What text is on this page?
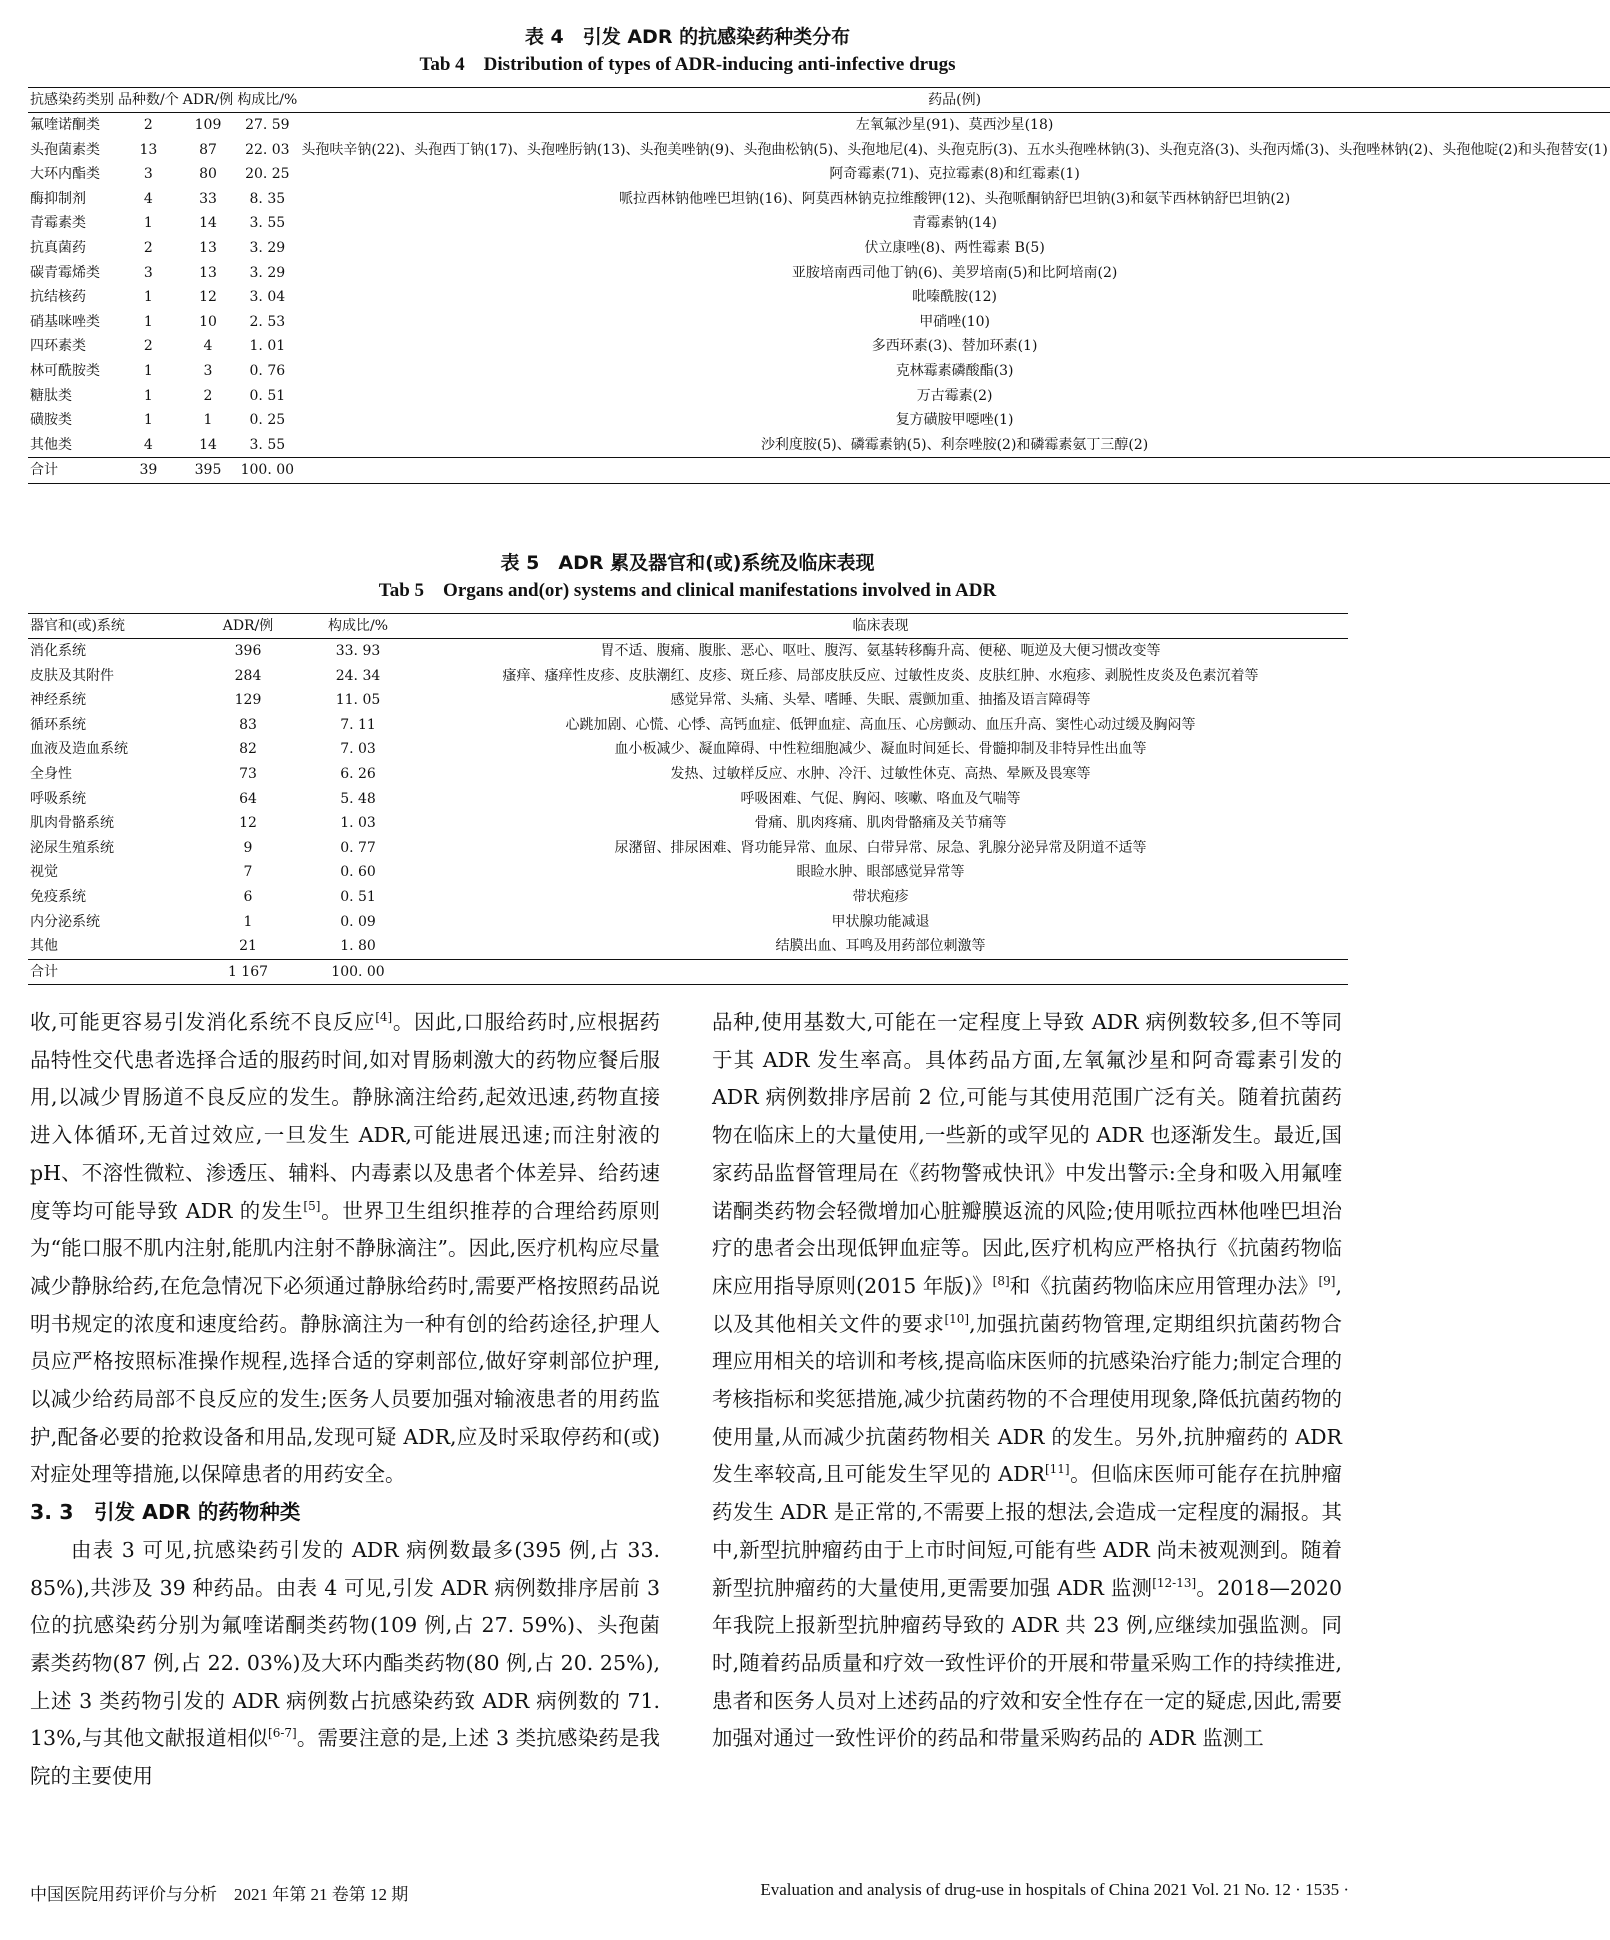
表 4　引发 ADR 的抗感染药种类分布
Tab 4　Distribution of types of ADR-inducing anti-infective drugs
抗感染药类别	品种数/个	ADR/例	构成比/%	药品(例)
氟喹诺酮类	2	109	27. 59	左氧氟沙星(91)、莫西沙星(18)
头孢菌素类	13	87	22. 03	头孢呋辛钠(22)、头孢西丁钠(17)、头孢唑肟钠(13)、头孢美唑钠(9)、头孢曲松钠(5)、头孢地尼(4)、头孢克肟(3)、五水头孢唑林钠(3)、头孢克洛(3)、头孢丙烯(3)、头孢唑林钠(2)、头孢他啶(2)和头孢替安(1)
大环内酯类	3	80	20. 25	阿奇霉素(71)、克拉霉素(8)和红霉素(1)
酶抑制剂	4	33	8. 35	哌拉西林钠他唑巴坦钠(16)、阿莫西林钠克拉维酸钾(12)、头孢哌酮钠舒巴坦钠(3)和氨苄西林钠舒巴坦钠(2)
青霉素类	1	14	3. 55	青霉素钠(14)
抗真菌药	2	13	3. 29	伏立康唑(8)、两性霉素 B(5)
碳青霉烯类	3	13	3. 29	亚胺培南西司他丁钠(6)、美罗培南(5)和比阿培南(2)
抗结核药	1	12	3. 04	吡嗪酰胺(12)
硝基咪唑类	1	10	2. 53	甲硝唑(10)
四环素类	2	4	1. 01	多西环素(3)、替加环素(1)
林可酰胺类	1	3	0. 76	克林霉素磷酸酯(3)
糖肽类	1	2	0. 51	万古霉素(2)
磺胺类	1	1	0. 25	复方磺胺甲噁唑(1)
其他类	4	14	3. 55	沙利度胺(5)、磷霉素钠(5)、利奈唑胺(2)和磷霉素氨丁三醇(2)
合计	39	395	100. 00	
表 5　ADR 累及器官和(或)系统及临床表现
Tab 5　Organs and(or) systems and clinical manifestations involved in ADR
器官和(或)系统	ADR/例	构成比/%	临床表现
消化系统	396	33. 93	胃不适、腹痛、腹胀、恶心、呕吐、腹泻、氨基转移酶升高、便秘、呃逆及大便习惯改变等
皮肤及其附件	284	24. 34	瘙痒、瘙痒性皮疹、皮肤潮红、皮疹、斑丘疹、局部皮肤反应、过敏性皮炎、皮肤红肿、水疱疹、剥脱性皮炎及色素沉着等
神经系统	129	11. 05	感觉异常、头痛、头晕、嗜睡、失眠、震颤加重、抽搐及语言障碍等
循环系统	83	7. 11	心跳加剧、心慌、心悸、高钙血症、低钾血症、高血压、心房颤动、血压升高、窦性心动过缓及胸闷等
血液及造血系统	82	7. 03	血小板减少、凝血障碍、中性粒细胞减少、凝血时间延长、骨髓抑制及非特异性出血等
全身性	73	6. 26	发热、过敏样反应、水肿、冷汗、过敏性休克、高热、晕厥及畏寒等
呼吸系统	64	5. 48	呼吸困难、气促、胸闷、咳嗽、咯血及气喘等
肌肉骨骼系统	12	1. 03	骨痛、肌肉疼痛、肌肉骨骼痛及关节痛等
泌尿生殖系统	9	0. 77	尿潴留、排尿困难、肾功能异常、血尿、白带异常、尿急、乳腺分泌异常及阴道不适等
视觉	7	0. 60	眼睑水肿、眼部感觉异常等
免疫系统	6	0. 51	带状疱疹
内分泌系统	1	0. 09	甲状腺功能减退
其他	21	1. 80	结膜出血、耳鸣及用药部位刺激等
合计	1 167	100. 00	

收,可能更容易引发消化系统不良反应[4]。因此,口服给药时,应根据药品特性交代患者选择合适的服药时间,如对胃肠刺激大的药物应餐后服用,以减少胃肠道不良反应的发生。静脉滴注给药,起效迅速,药物直接进入体循环,无首过效应,一旦发生 ADR,可能进展迅速;而注射液的 pH、不溶性微粒、渗透压、辅料、内毒素以及患者个体差异、给药速度等均可能导致 ADR 的发生[5]。世界卫生组织推荐的合理给药原则为“能口服不肌内注射,能肌内注射不静脉滴注”。因此,医疗机构应尽量减少静脉给药,在危急情况下必须通过静脉给药时,需要严格按照药品说明书规定的浓度和速度给药。静脉滴注为一种有创的给药途径,护理人员应严格按照标准操作规程,选择合适的穿刺部位,做好穿刺部位护理,以减少给药局部不良反应的发生;医务人员要加强对输液患者的用药监护,配备必要的抢救设备和用品,发现可疑 ADR,应及时采取停药和(或)对症处理等措施,以保障患者的用药安全。

3. 3　引发 ADR 的药物种类

由表 3 可见,抗感染药引发的 ADR 病例数最多(395 例,占 33. 85%),共涉及 39 种药品。由表 4 可见,引发 ADR 病例数排序居前 3 位的抗感染药分别为氟喹诺酮类药物(109 例,占 27. 59%)、头孢菌素类药物(87 例,占 22. 03%)及大环内酯类药物(80 例,占 20. 25%),上述 3 类药物引发的 ADR 病例数占抗感染药致 ADR 病例数的 71. 13%,与其他文献报道相似[6-7]。需要注意的是,上述 3 类抗感染药是我院的主要使用

品种,使用基数大,可能在一定程度上导致 ADR 病例数较多,但不等同于其 ADR 发生率高。具体药品方面,左氧氟沙星和阿奇霉素引发的 ADR 病例数排序居前 2 位,可能与其使用范围广泛有关。随着抗菌药物在临床上的大量使用,一些新的或罕见的 ADR 也逐渐发生。最近,国家药品监督管理局在《药物警戒快讯》中发出警示:全身和吸入用氟喹诺酮类药物会轻微增加心脏瓣膜返流的风险;使用哌拉西林他唑巴坦治疗的患者会出现低钾血症等。因此,医疗机构应严格执行《抗菌药物临床应用指导原则(2015 年版)》[8]和《抗菌药物临床应用管理办法》[9],以及其他相关文件的要求[10],加强抗菌药物管理,定期组织抗菌药物合理应用相关的培训和考核,提高临床医师的抗感染治疗能力;制定合理的考核指标和奖惩措施,减少抗菌药物的不合理使用现象,降低抗菌药物的使用量,从而减少抗菌药物相关 ADR 的发生。另外,抗肿瘤药的 ADR 发生率较高,且可能发生罕见的 ADR[11]。但临床医师可能存在抗肿瘤药发生 ADR 是正常的,不需要上报的想法,会造成一定程度的漏报。其中,新型抗肿瘤药由于上市时间短,可能有些 ADR 尚未被观测到。随着新型抗肿瘤药的大量使用,更需要加强 ADR 监测[12-13]。2018—2020 年我院上报新型抗肿瘤药导致的 ADR 共 23 例,应继续加强监测。同时,随着药品质量和疗效一致性评价的开展和带量采购工作的持续推进,患者和医务人员对上述药品的疗效和安全性存在一定的疑虑,因此,需要加强对通过一致性评价的药品和带量采购药品的 ADR 监测工

中国医院用药评价与分析　2021 年第 21 卷第 12 期	Evaluation and analysis of drug-use in hospitals of China 2021 Vol. 21 No. 12 · 1535 ·
